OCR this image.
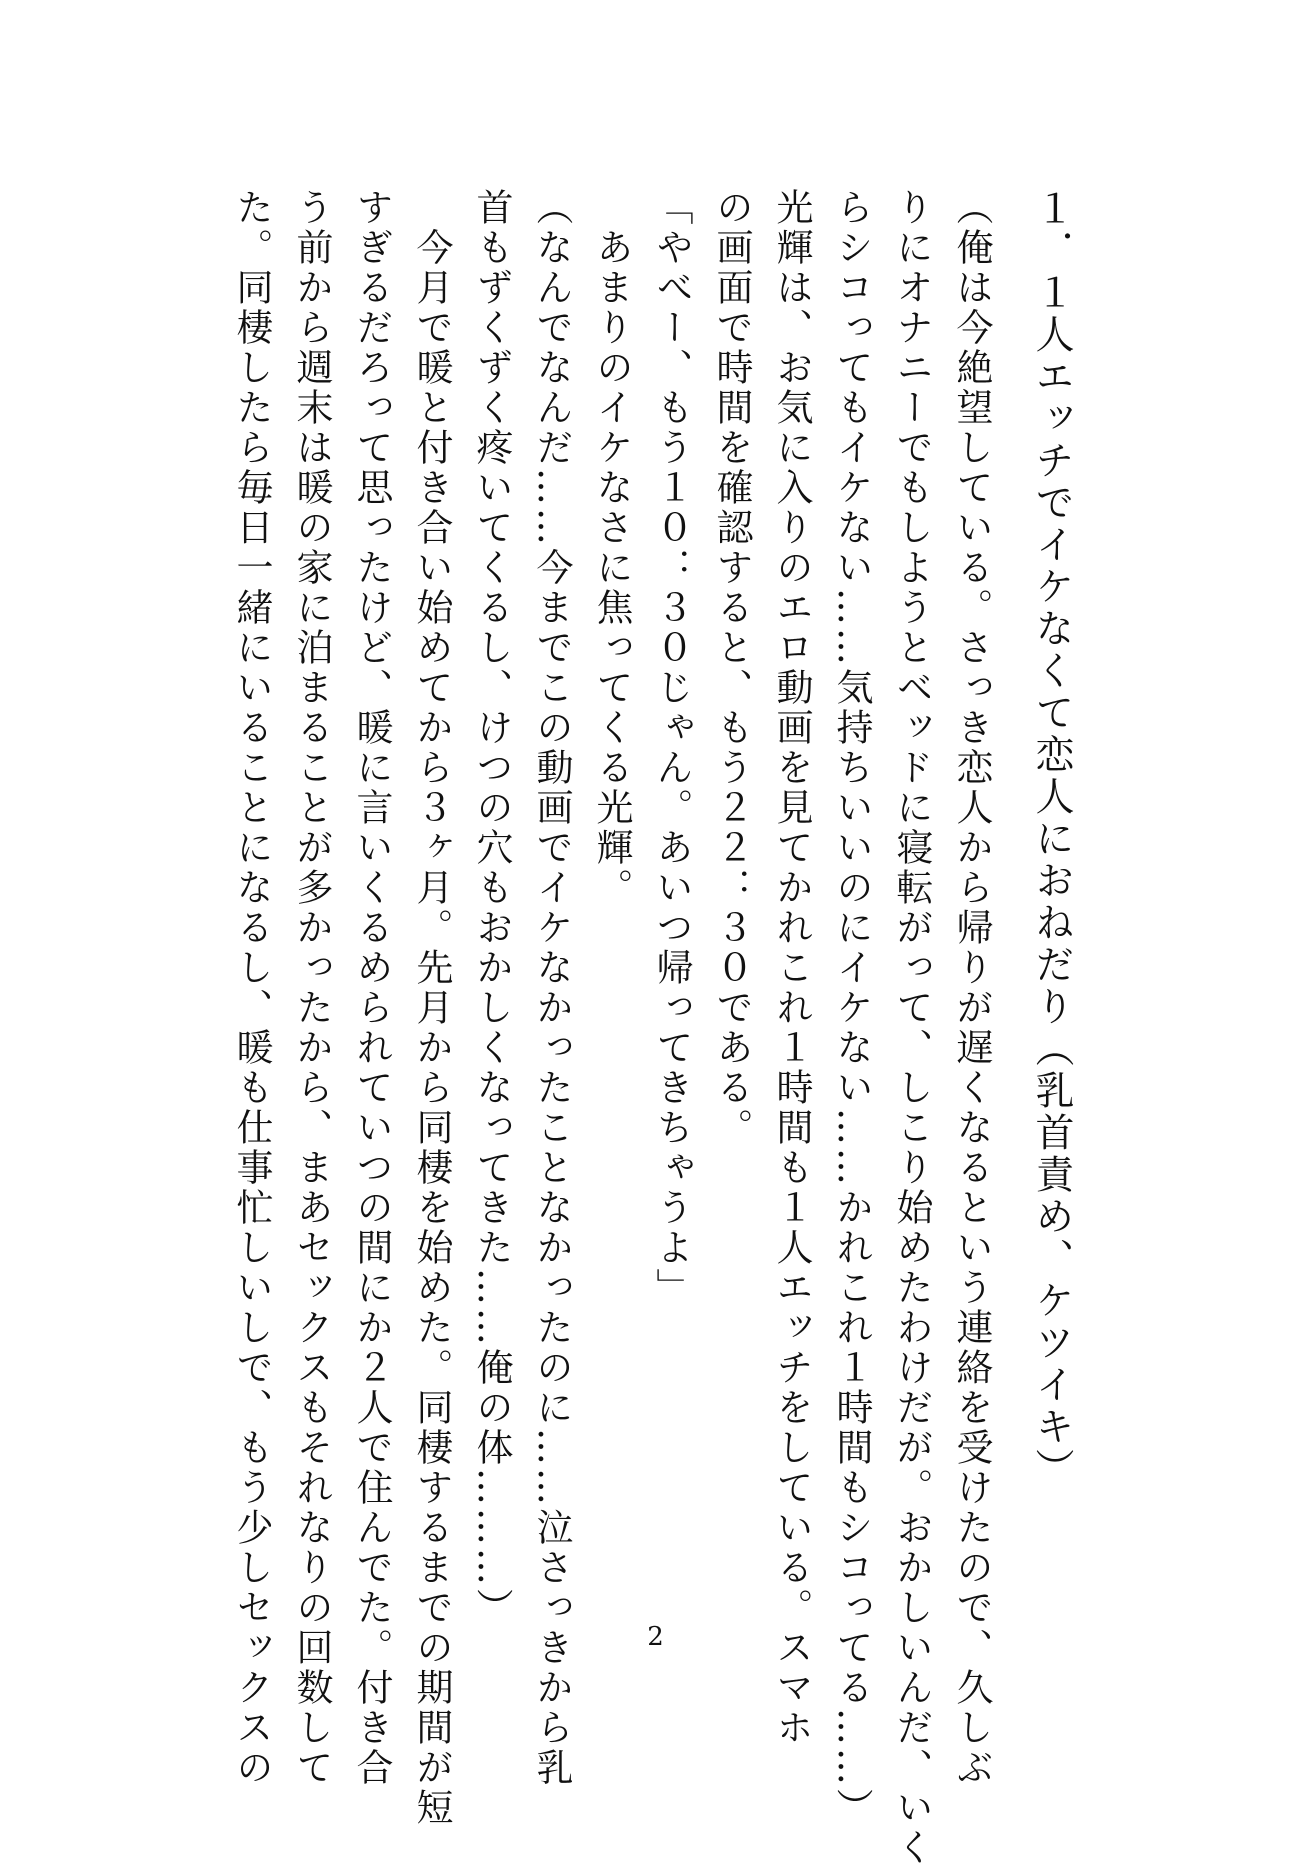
１．１人エッチでイケなくて恋人におねだり（乳首責め、ケツイキ）
（俺は今絶望している。さっき恋人から帰りが遅くなるという連絡を受けたので、久しぶ
りにオナニーでもしようとベッドに寝転がって、しこり始めたわけだが。おかしいんだ、いく
らシコってもイケない……気持ちいいのにイケない……かれこれ１時間もシコってる……）
光輝は、お気に入りのエロ動画を見てかれこれ１時間も１人エッチをしている。スマホ
の画面で時間を確認すると、もう２２：３０である。
「やべー、もう１０：３０じゃん。あいつ帰ってきちゃうよ」
　あまりのイケなさに焦ってくる光輝。
（なんでなんだ……今までこの動画でイケなかったことなかったのに……泣さっきから乳
首もずくずく疼いてくるし、けつの穴もおかしくなってきた……俺の体………）
　今月で暖と付き合い始めてから３ヶ月。先月から同棲を始めた。同棲するまでの期間が短
すぎるだろって思ったけど、暖に言いくるめられていつの間にか２人で住んでた。付き合
う前から週末は暖の家に泊まることが多かったから、まあセックスもそれなりの回数して
た。同棲したら毎日一緒にいることになるし、暖も仕事忙しいしで、もう少しセックスの	2
